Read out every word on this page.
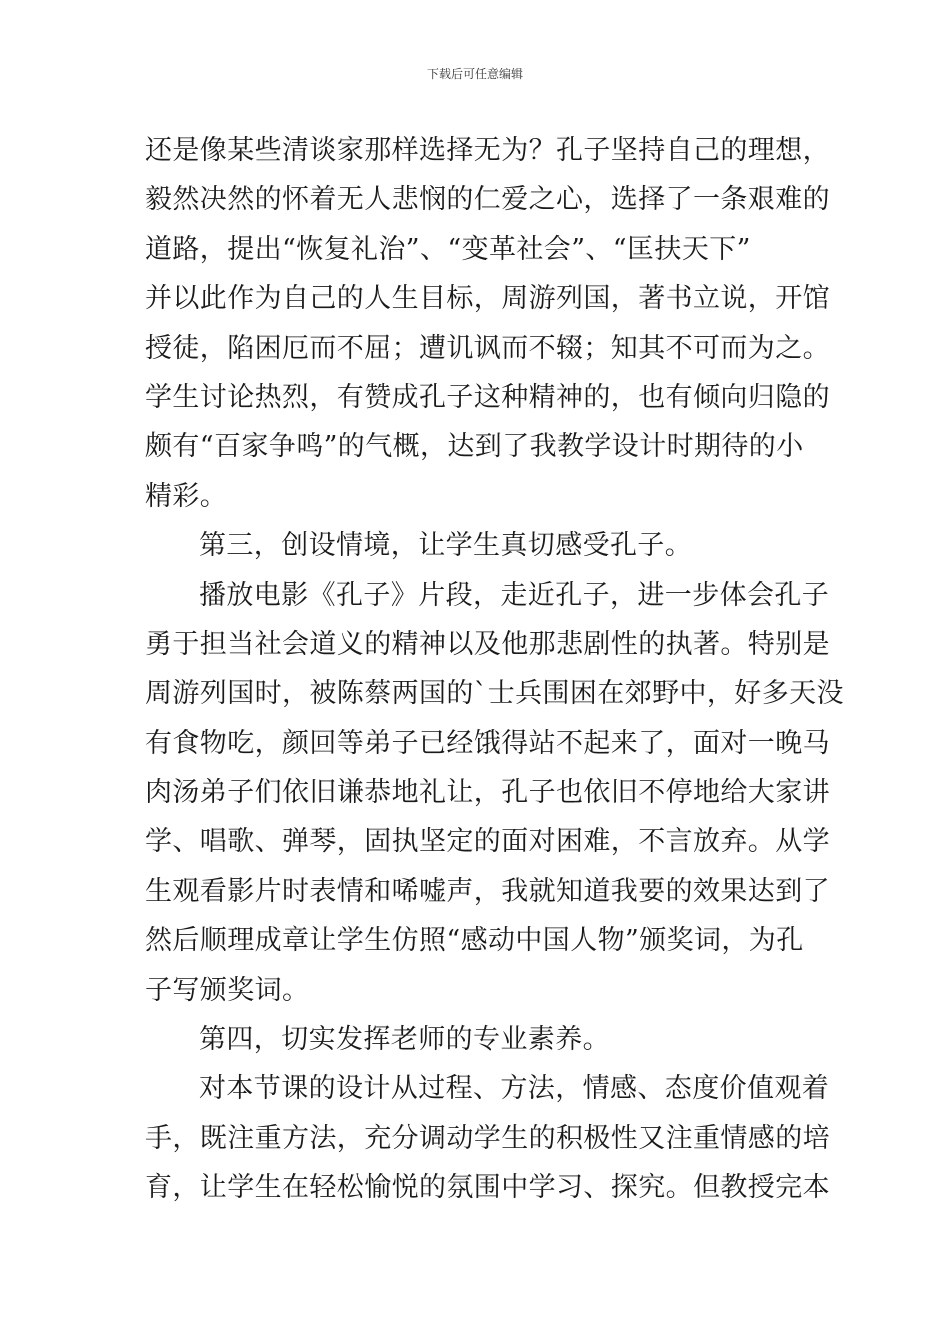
下载后可任意编辑
还是像某些清谈家那样选择无为？孔子坚持自己的理想，
毅然决然的怀着无人悲悯的仁爱之心，选择了一条艰难的
道路，提出“恢复礼治”、“变革社会”、“匡扶天下”
并以此作为自己的人生目标，周游列国，著书立说，开馆
授徒，陷困厄而不屈；遭讥讽而不辍；知其不可而为之。
学生讨论热烈，有赞成孔子这种精神的，也有倾向归隐的
颇有“百家争鸣”的气概，达到了我教学设计时期待的小
精彩。
第三，创设情境，让学生真切感受孔子。
播放电影《孔子》片段，走近孔子，进一步体会孔子
勇于担当社会道义的精神以及他那悲剧性的执著。特别是
周游列国时，被陈蔡两国的`士兵围困在郊野中，好多天没
有食物吃，颜回等弟子已经饿得站不起来了，面对一晚马
肉汤弟子们依旧谦恭地礼让，孔子也依旧不停地给大家讲
学、唱歌、弹琴，固执坚定的面对困难，不言放弃。从学
生观看影片时表情和唏嘘声，我就知道我要的效果达到了
然后顺理成章让学生仿照“感动中国人物”颁奖词，为孔
子写颁奖词。
第四，切实发挥老师的专业素养。
对本节课的设计从过程、方法，情感、态度价值观着
手，既注重方法，充分调动学生的积极性又注重情感的培
育，让学生在轻松愉悦的氛围中学习、探究。但教授完本
